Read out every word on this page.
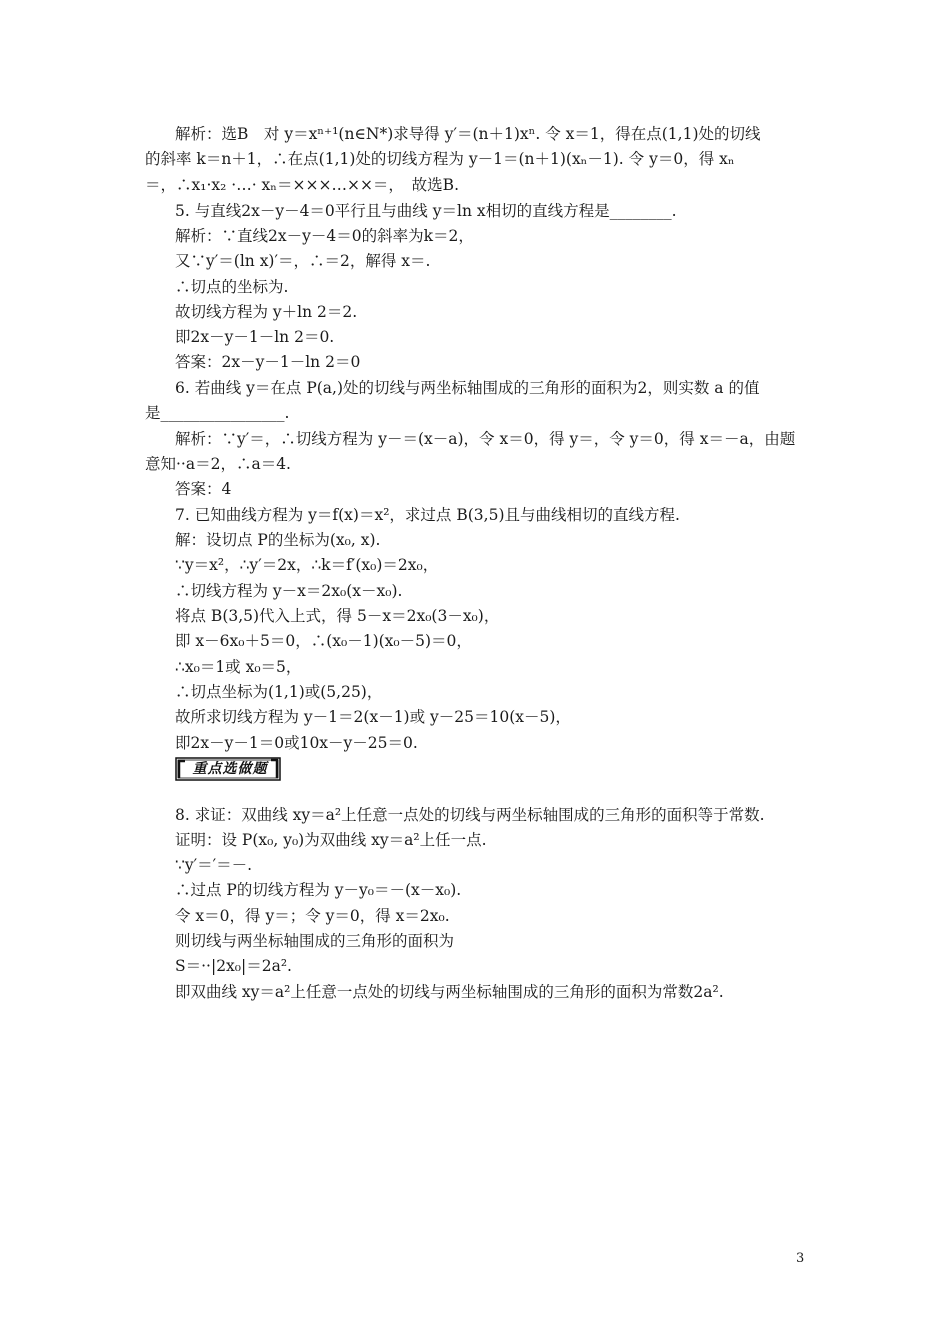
解析：选B　对 y＝xⁿ⁺¹(n∈N*)求导得 y′＝(n＋1)xⁿ. 令 x＝1，得在点(1,1)处的切线
的斜率 k＝n＋1，∴在点(1,1)处的切线方程为 y－1＝(n＋1)(xₙ－1). 令 y＝0，得 xₙ
＝，∴x₁·x₂ ·…· xₙ＝×××…××＝，　故选B.
5. 与直线2x－y－4＝0平行且与曲线 y＝ln x相切的直线方程是________.
解析：∵直线2x－y－4＝0的斜率为k＝2，
又∵y′＝(ln x)′＝，∴＝2，解得 x＝.
∴切点的坐标为.
故切线方程为 y＋ln 2＝2.
即2x－y－1－ln 2＝0.
答案：2x－y－1－ln 2＝0
6. 若曲线 y＝在点 P(a,)处的切线与两坐标轴围成的三角形的面积为2，则实数 a 的值
是________________.
解析：∵y′＝，∴切线方程为 y－＝(x－a)，令 x＝0，得 y＝，令 y＝0，得 x＝－a，由题
意知··a＝2，∴a＝4.
答案：4
7. 已知曲线方程为 y＝f(x)＝x²，求过点 B(3,5)且与曲线相切的直线方程.
解：设切点 P的坐标为(x₀, x).
∵y＝x²，∴y′＝2x，∴k＝f′(x₀)＝2x₀，
∴切线方程为 y－x＝2x₀(x－x₀).
将点 B(3,5)代入上式，得 5－x＝2x₀(3－x₀)，
即 x－6x₀＋5＝0，∴(x₀－1)(x₀－5)＝0，
∴x₀＝1或 x₀＝5，
∴切点坐标为(1,1)或(5,25)，
故所求切线方程为 y－1＝2(x－1)或 y－25＝10(x－5)，
即2x－y－1＝0或10x－y－25＝0.
8. 求证：双曲线 xy＝a²上任意一点处的切线与两坐标轴围成的三角形的面积等于常数.
证明：设 P(x₀, y₀)为双曲线 xy＝a²上任一点.
∵y′＝′＝－.
∴过点 P的切线方程为 y－y₀＝－(x－x₀).
令 x＝0，得 y＝；令 y＝0，得 x＝2x₀.
则切线与两坐标轴围成的三角形的面积为
S＝··|2x₀|＝2a².
即双曲线 xy＝a²上任意一点处的切线与两坐标轴围成的三角形的面积为常数2a².
重点选做题
3
